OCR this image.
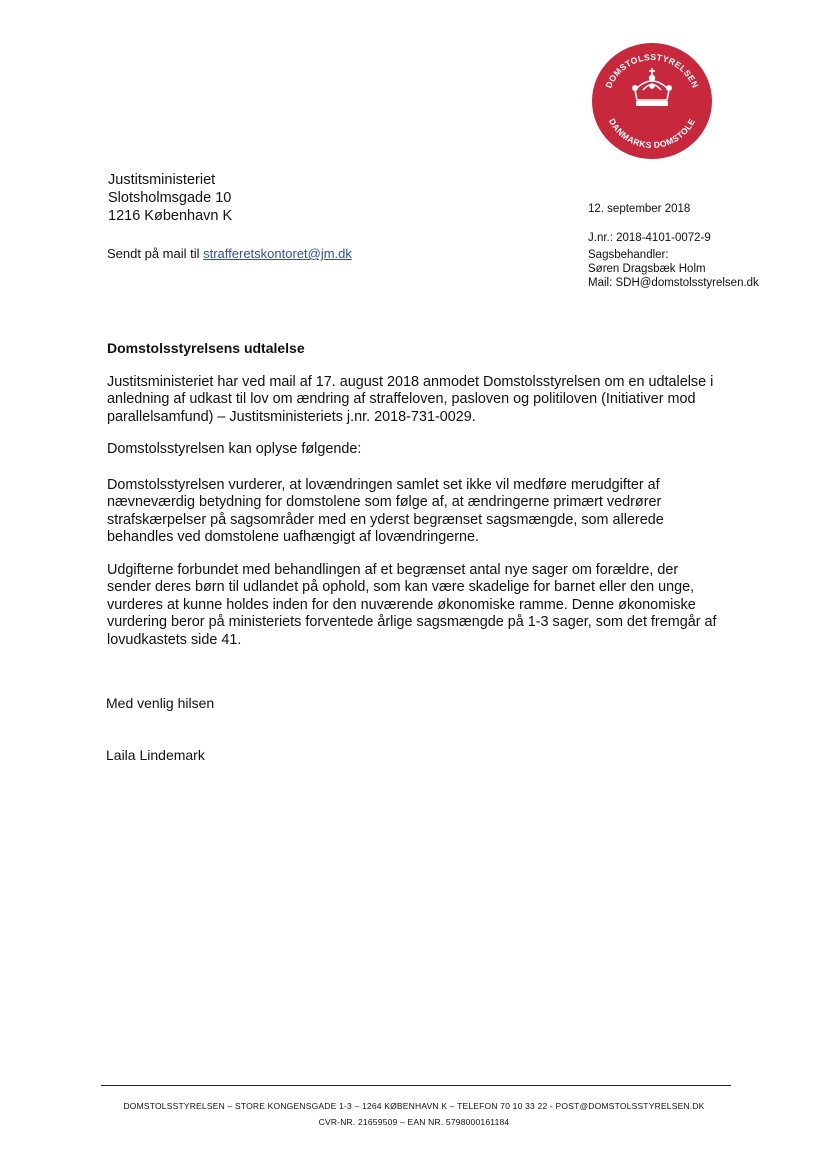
DOMSTOLSSTYRELSEN
DANMARKS DOMSTOLE
Justitsministeriet
Slotsholmsgade 10
1216 København K
Sendt på mail til strafferetskontoret@jm.dk
12. september 2018
J.nr.: 2018-4101-0072-9
Sagsbehandler:
Søren Dragsbæk Holm
Mail: SDH@domstolsstyrelsen.dk
Domstolsstyrelsens udtalelse
Justitsministeriet har ved mail af 17. august 2018 anmodet Domstolsstyrelsen om en udtalelse i
anledning af udkast til lov om ændring af straffeloven, pasloven og politiloven (Initiativer mod
parallelsamfund) – Justitsministeriets j.nr. 2018-731-0029.
Domstolsstyrelsen kan oplyse følgende:
Domstolsstyrelsen vurderer, at lovændringen samlet set ikke vil medføre merudgifter af
nævneværdig betydning for domstolene som følge af, at ændringerne primært vedrører
strafskærpelser på sagsområder med en yderst begrænset sagsmængde, som allerede
behandles ved domstolene uafhængigt af lovændringerne.
Udgifterne forbundet med behandlingen af et begrænset antal nye sager om forældre, der
sender deres børn til udlandet på ophold, som kan være skadelige for barnet eller den unge,
vurderes at kunne holdes inden for den nuværende økonomiske ramme. Denne økonomiske
vurdering beror på ministeriets forventede årlige sagsmængde på 1-3 sager, som det fremgår af
lovudkastets side 41.
Med venlig hilsen
Laila Lindemark
DOMSTOLSSTYRELSEN – STORE KONGENSGADE 1-3 – 1264 KØBENHAVN K – TELEFON 70 10 33 22 - POST@DOMSTOLSSTYRELSEN.DK
CVR-NR. 21659509 – EAN NR. 5798000161184
